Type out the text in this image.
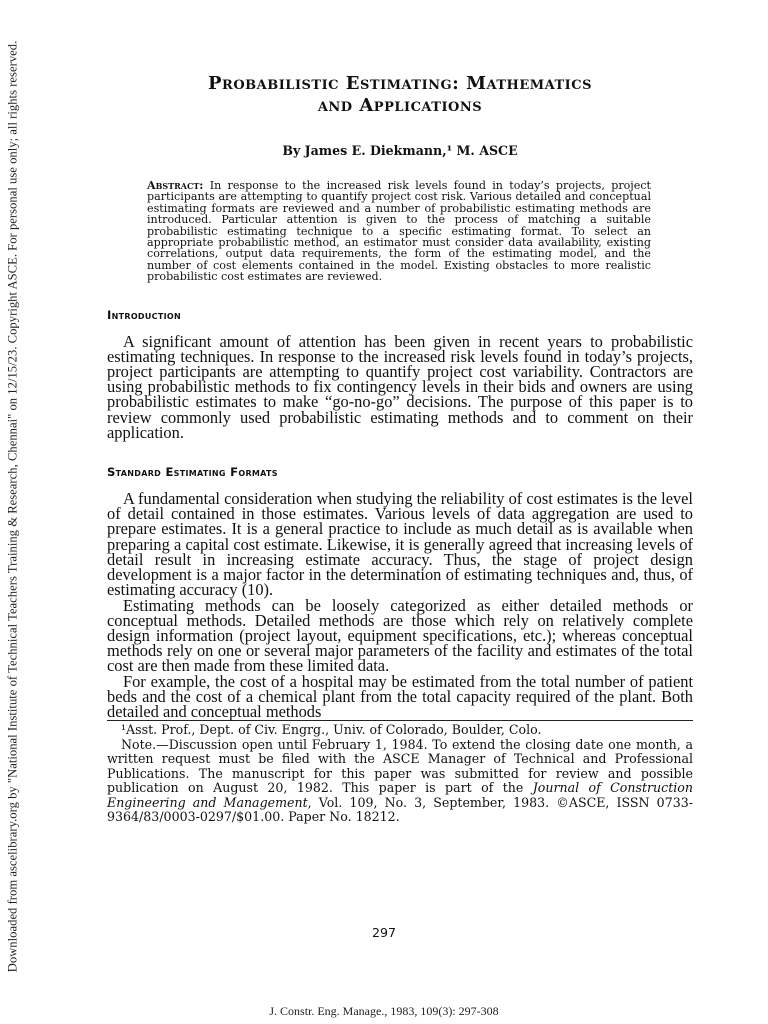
Downloaded from ascelibrary.org by "National Institute of Technical Teachers Training & Research, Chennai" on 12/15/23. Copyright ASCE. For personal use only; all rights reserved.	Probabilistic Estimating: Mathematics
and Applications
By James E. Diekmann,¹ M. ASCE
Abstract: In response to the increased risk levels found in today’s projects, project participants are attempting to quantify project cost risk. Various detailed and conceptual estimating formats are reviewed and a number of probabilistic estimating methods are introduced. Particular attention is given to the process of matching a suitable probabilistic estimating technique to a specific estimating format. To select an appropriate probabilistic method, an estimator must consider data availability, existing correlations, output data requirements, the form of the estimating model, and the number of cost elements contained in the model. Existing obstacles to more realistic probabilistic cost estimates are reviewed.
Introduction

A significant amount of attention has been given in recent years to probabilistic estimating techniques. In response to the increased risk levels found in today’s projects, project participants are attempting to quantify project cost variability. Contractors are using probabilistic methods to fix contingency levels in their bids and owners are using probabilistic estimates to make “go-no-go” decisions. The purpose of this paper is to review commonly used probabilistic estimating methods and to comment on their application.

Standard Estimating Formats

A fundamental consideration when studying the reliability of cost estimates is the level of detail contained in those estimates. Various levels of data aggregation are used to prepare estimates. It is a general practice to include as much detail as is available when preparing a capital cost estimate. Likewise, it is generally agreed that increasing levels of detail result in increasing estimate accuracy. Thus, the stage of project design development is a major factor in the determination of estimating techniques and, thus, of estimating accuracy (10).

Estimating methods can be loosely categorized as either detailed methods or conceptual methods. Detailed methods are those which rely on relatively complete design information (project layout, equipment specifications, etc.); whereas conceptual methods rely on one or several major parameters of the facility and estimates of the total cost are then made from these limited data.

For example, the cost of a hospital may be estimated from the total number of patient beds and the cost of a chemical plant from the total capacity required of the plant. Both detailed and conceptual methods

¹Asst. Prof., Dept. of Civ. Engrg., Univ. of Colorado, Boulder, Colo.

Note.—Discussion open until February 1, 1984. To extend the closing date one month, a written request must be filed with the ASCE Manager of Technical and Professional Publications. The manuscript for this paper was submitted for review and possible publication on August 20, 1982. This paper is part of the Journal of Construction Engineering and Management, Vol. 109, No. 3, September, 1983. ©ASCE, ISSN 0733-9364/83/0003-0297/$01.00. Paper No. 18212.

297
J. Constr. Eng. Manage., 1983, 109(3): 297-308
